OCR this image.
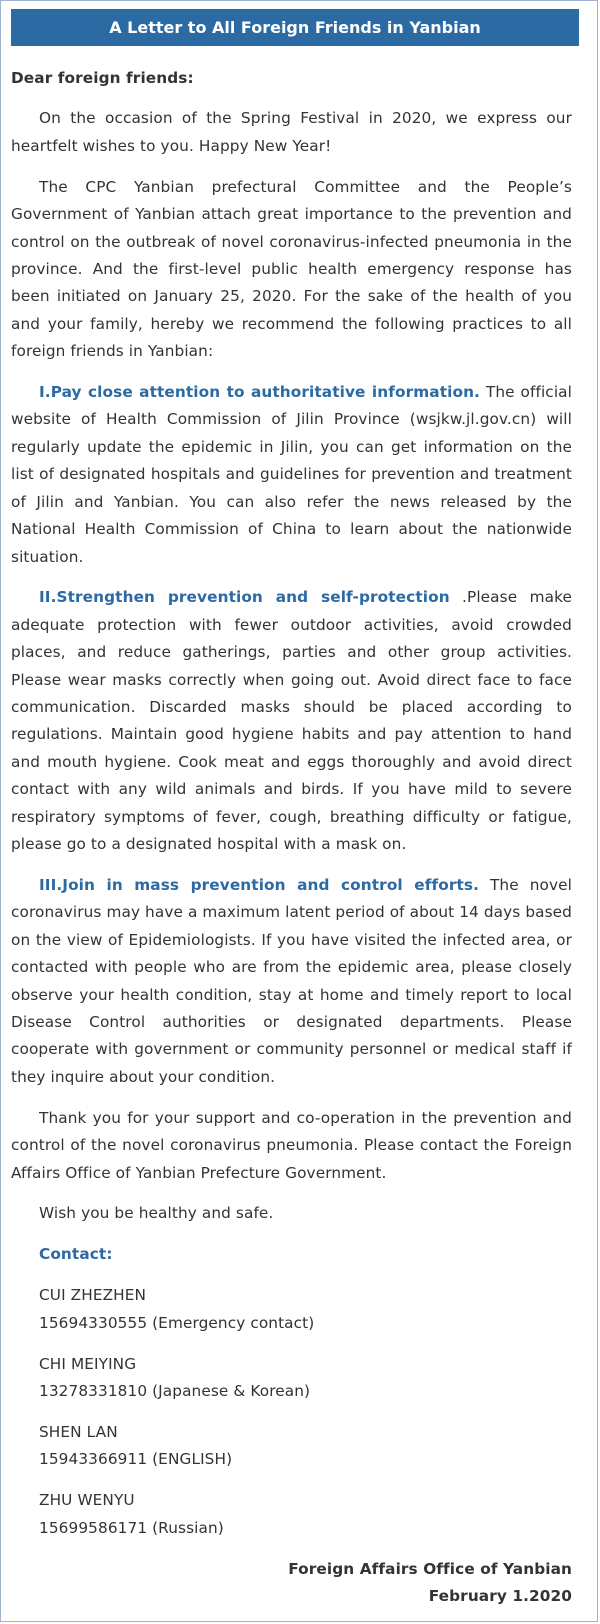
A Letter to All Foreign Friends in Yanbian
Dear foreign friends:

On the occasion of the Spring Festival in 2020, we express our heartfelt wishes to you. Happy New Year!

The CPC Yanbian prefectural Committee and the People’s Government of Yanbian attach great importance to the prevention and control on the outbreak of novel coronavirus-infected pneumonia in the province. And the first-level public health emergency response has been initiated on January 25, 2020. For the sake of the health of you and your family, hereby we recommend the following practices to all foreign friends in Yanbian:

I.Pay close attention to authoritative information. The official website of Health Commission of Jilin Province (wsjkw.jl.gov.cn) will regularly update the epidemic in Jilin, you can get information on the list of designated hospitals and guidelines for prevention and treatment of Jilin and Yanbian. You can also refer the news released by the National Health Commission of China to learn about the nationwide situation.

II.Strengthen prevention and self-protection .Please make adequate protection with fewer outdoor activities, avoid crowded places, and reduce gatherings, parties and other group activities. Please wear masks correctly when going out. Avoid direct face to face communication. Discarded masks should be placed according to regulations. Maintain good hygiene habits and pay attention to hand and mouth hygiene. Cook meat and eggs thoroughly and avoid direct contact with any wild animals and birds. If you have mild to severe respiratory symptoms of fever, cough, breathing difficulty or fatigue, please go to a designated hospital with a mask on.

III.Join in mass prevention and control efforts. The novel coronavirus may have a maximum latent period of about 14 days based on the view of Epidemiologists. If you have visited the infected area, or contacted with people who are from the epidemic area, please closely observe your health condition, stay at home and timely report to local Disease Control authorities or designated departments. Please cooperate with government or community personnel or medical staff if they inquire about your condition.

Thank you for your support and co-operation in the prevention and control of the novel coronavirus pneumonia. Please contact the Foreign Affairs Office of Yanbian Prefecture Government.

Wish you be healthy and safe.

Contact:

CUI ZHEZHEN
15694330555 (Emergency contact)
CHI MEIYING
13278331810 (Japanese & Korean)
SHEN LAN
15943366911 (ENGLISH)
ZHU WENYU
15699586171 (Russian)
Foreign Affairs Office of Yanbian
February 1.2020
